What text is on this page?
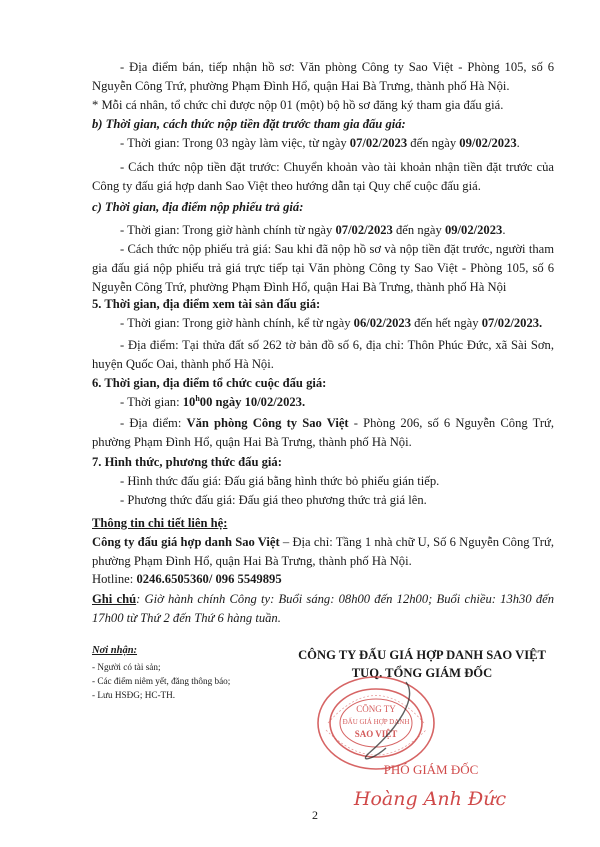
- Địa điểm bán, tiếp nhận hồ sơ: Văn phòng Công ty Sao Việt - Phòng 105, số 6 Nguyễn Công Trứ, phường Phạm Đình Hổ, quận Hai Bà Trưng, thành phố Hà Nội.
* Mỗi cá nhân, tổ chức chỉ được nộp 01 (một) bộ hồ sơ đăng ký tham gia đấu giá.
b) Thời gian, cách thức nộp tiền đặt trước tham gia đấu giá:
- Thời gian: Trong 03 ngày làm việc, từ ngày 07/02/2023 đến ngày 09/02/2023.
- Cách thức nộp tiền đặt trước: Chuyển khoản vào tài khoản nhận tiền đặt trước của Công ty đấu giá hợp danh Sao Việt theo hướng dẫn tại Quy chế cuộc đấu giá.
c) Thời gian, địa điểm nộp phiếu trả giá:
- Thời gian: Trong giờ hành chính từ ngày 07/02/2023 đến ngày 09/02/2023.
- Cách thức nộp phiếu trả giá: Sau khi đã nộp hồ sơ và nộp tiền đặt trước, người tham gia đấu giá nộp phiếu trả giá trực tiếp tại Văn phòng Công ty Sao Việt - Phòng 105, số 6 Nguyễn Công Trứ, phường Phạm Đình Hổ, quận Hai Bà Trưng, thành phố Hà Nội
5. Thời gian, địa điểm xem tài sản đấu giá:
- Thời gian: Trong giờ hành chính, kể từ ngày 06/02/2023 đến hết ngày 07/02/2023.
- Địa điểm: Tại thửa đất số 262 tờ bản đồ số 6, địa chỉ: Thôn Phúc Đức, xã Sài Sơn, huyện Quốc Oai, thành phố Hà Nội.
6. Thời gian, địa điểm tổ chức cuộc đấu giá:
- Thời gian: 10$^h$00 ngày 10/02/2023.
- Địa điểm: Văn phòng Công ty Sao Việt - Phòng 206, số 6 Nguyễn Công Trứ, phường Phạm Đình Hổ, quận Hai Bà Trưng, thành phố Hà Nội.
7. Hình thức, phương thức đấu giá:
- Hình thức đấu giá: Đấu giá bằng hình thức bỏ phiếu gián tiếp.
- Phương thức đấu giá: Đấu giá theo phương thức trả giá lên.
Thông tin chi tiết liên hệ:
Công ty đấu giá hợp danh Sao Việt – Địa chỉ: Tầng 1 nhà chữ U, Số 6 Nguyễn Công Trứ, phường Phạm Đình Hổ, quận Hai Bà Trưng, thành phố Hà Nội.
Hotline: 0246.6505360/ 096 5549895
Ghi chú: Giờ hành chính Công ty: Buổi sáng: 08h00 đến 12h00; Buổi chiều: 13h30 đến 17h00 từ Thứ 2 đến Thứ 6 hàng tuần.
Nơi nhận:
- Người có tài sản;
- Các điểm niêm yết, đăng thông báo;
- Lưu HSĐG; HC-TH.
CÔNG TY ĐẤU GIÁ HỢP DANH SAO VIỆT
TUQ. TỔNG GIÁM ĐỐC
CÔNG TY
ĐẤU GIÁ HỢP DANH
SAO VIỆT
PHÓ GIÁM ĐỐC
Hoàng Anh Đức
2
